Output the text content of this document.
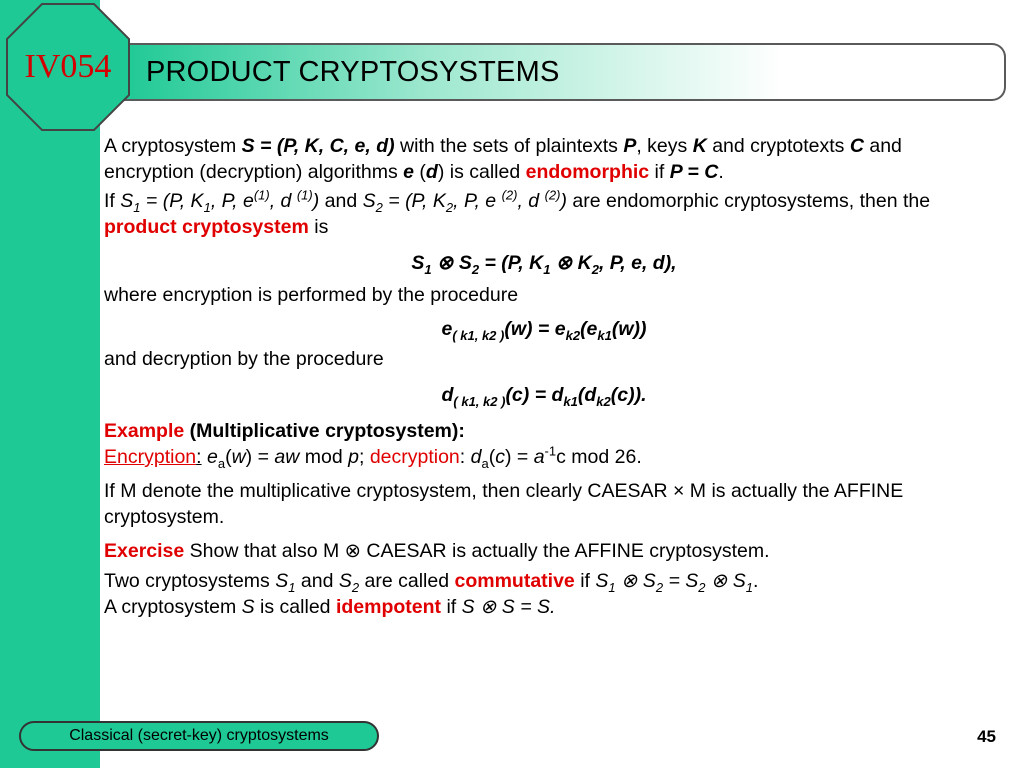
IV054	PRODUCT CRYPTOSYSTEMS

A cryptosystem S = (P, K, C, e, d) with the sets of plaintexts P, keys K and cryptotexts C and encryption (decryption) algorithms e (d) is called endomorphic if P = C.

If $S_1 = (P$, $K_1$, P, $e^{(1)}$, d $^{(1)}$) and $S_2 = (P$, $K_2$, P, e $^{(2)}$, d $^{(2)}$) are endomorphic cryptosystems, then the product cryptosystem is

$S_1$ ⊗ $S_2 = (P$, $K_1$ ⊗ $K_2$, P, e, d),

where encryption is performed by the procedure

$e_{( k1, k2 )}(w) = e_{k2}(e_{k1}(w))$

and decryption by the procedure

$d_{( k1, k2 )}(c) = d_{k1}(d_{k2}(c))$.

Example (Multiplicative cryptosystem):

Encryption: $e_a(w)$ = aw mod p; decryption: $d_a(c) = a^{-1}c$ mod 26.

If M denote the multiplicative cryptosystem, then clearly CAESAR × M is actually the AFFINE cryptosystem.

Exercise Show that also M ⊗ CAESAR is actually the AFFINE cryptosystem.

Two cryptosystems $S_1$ and $S_2$ are called commutative if $S_1$ ⊗ $S_2 = S_2$ ⊗ $S_1$.

A cryptosystem S is called idempotent if S ⊗ S = S.

Classical (secret-key) cryptosystems	45
